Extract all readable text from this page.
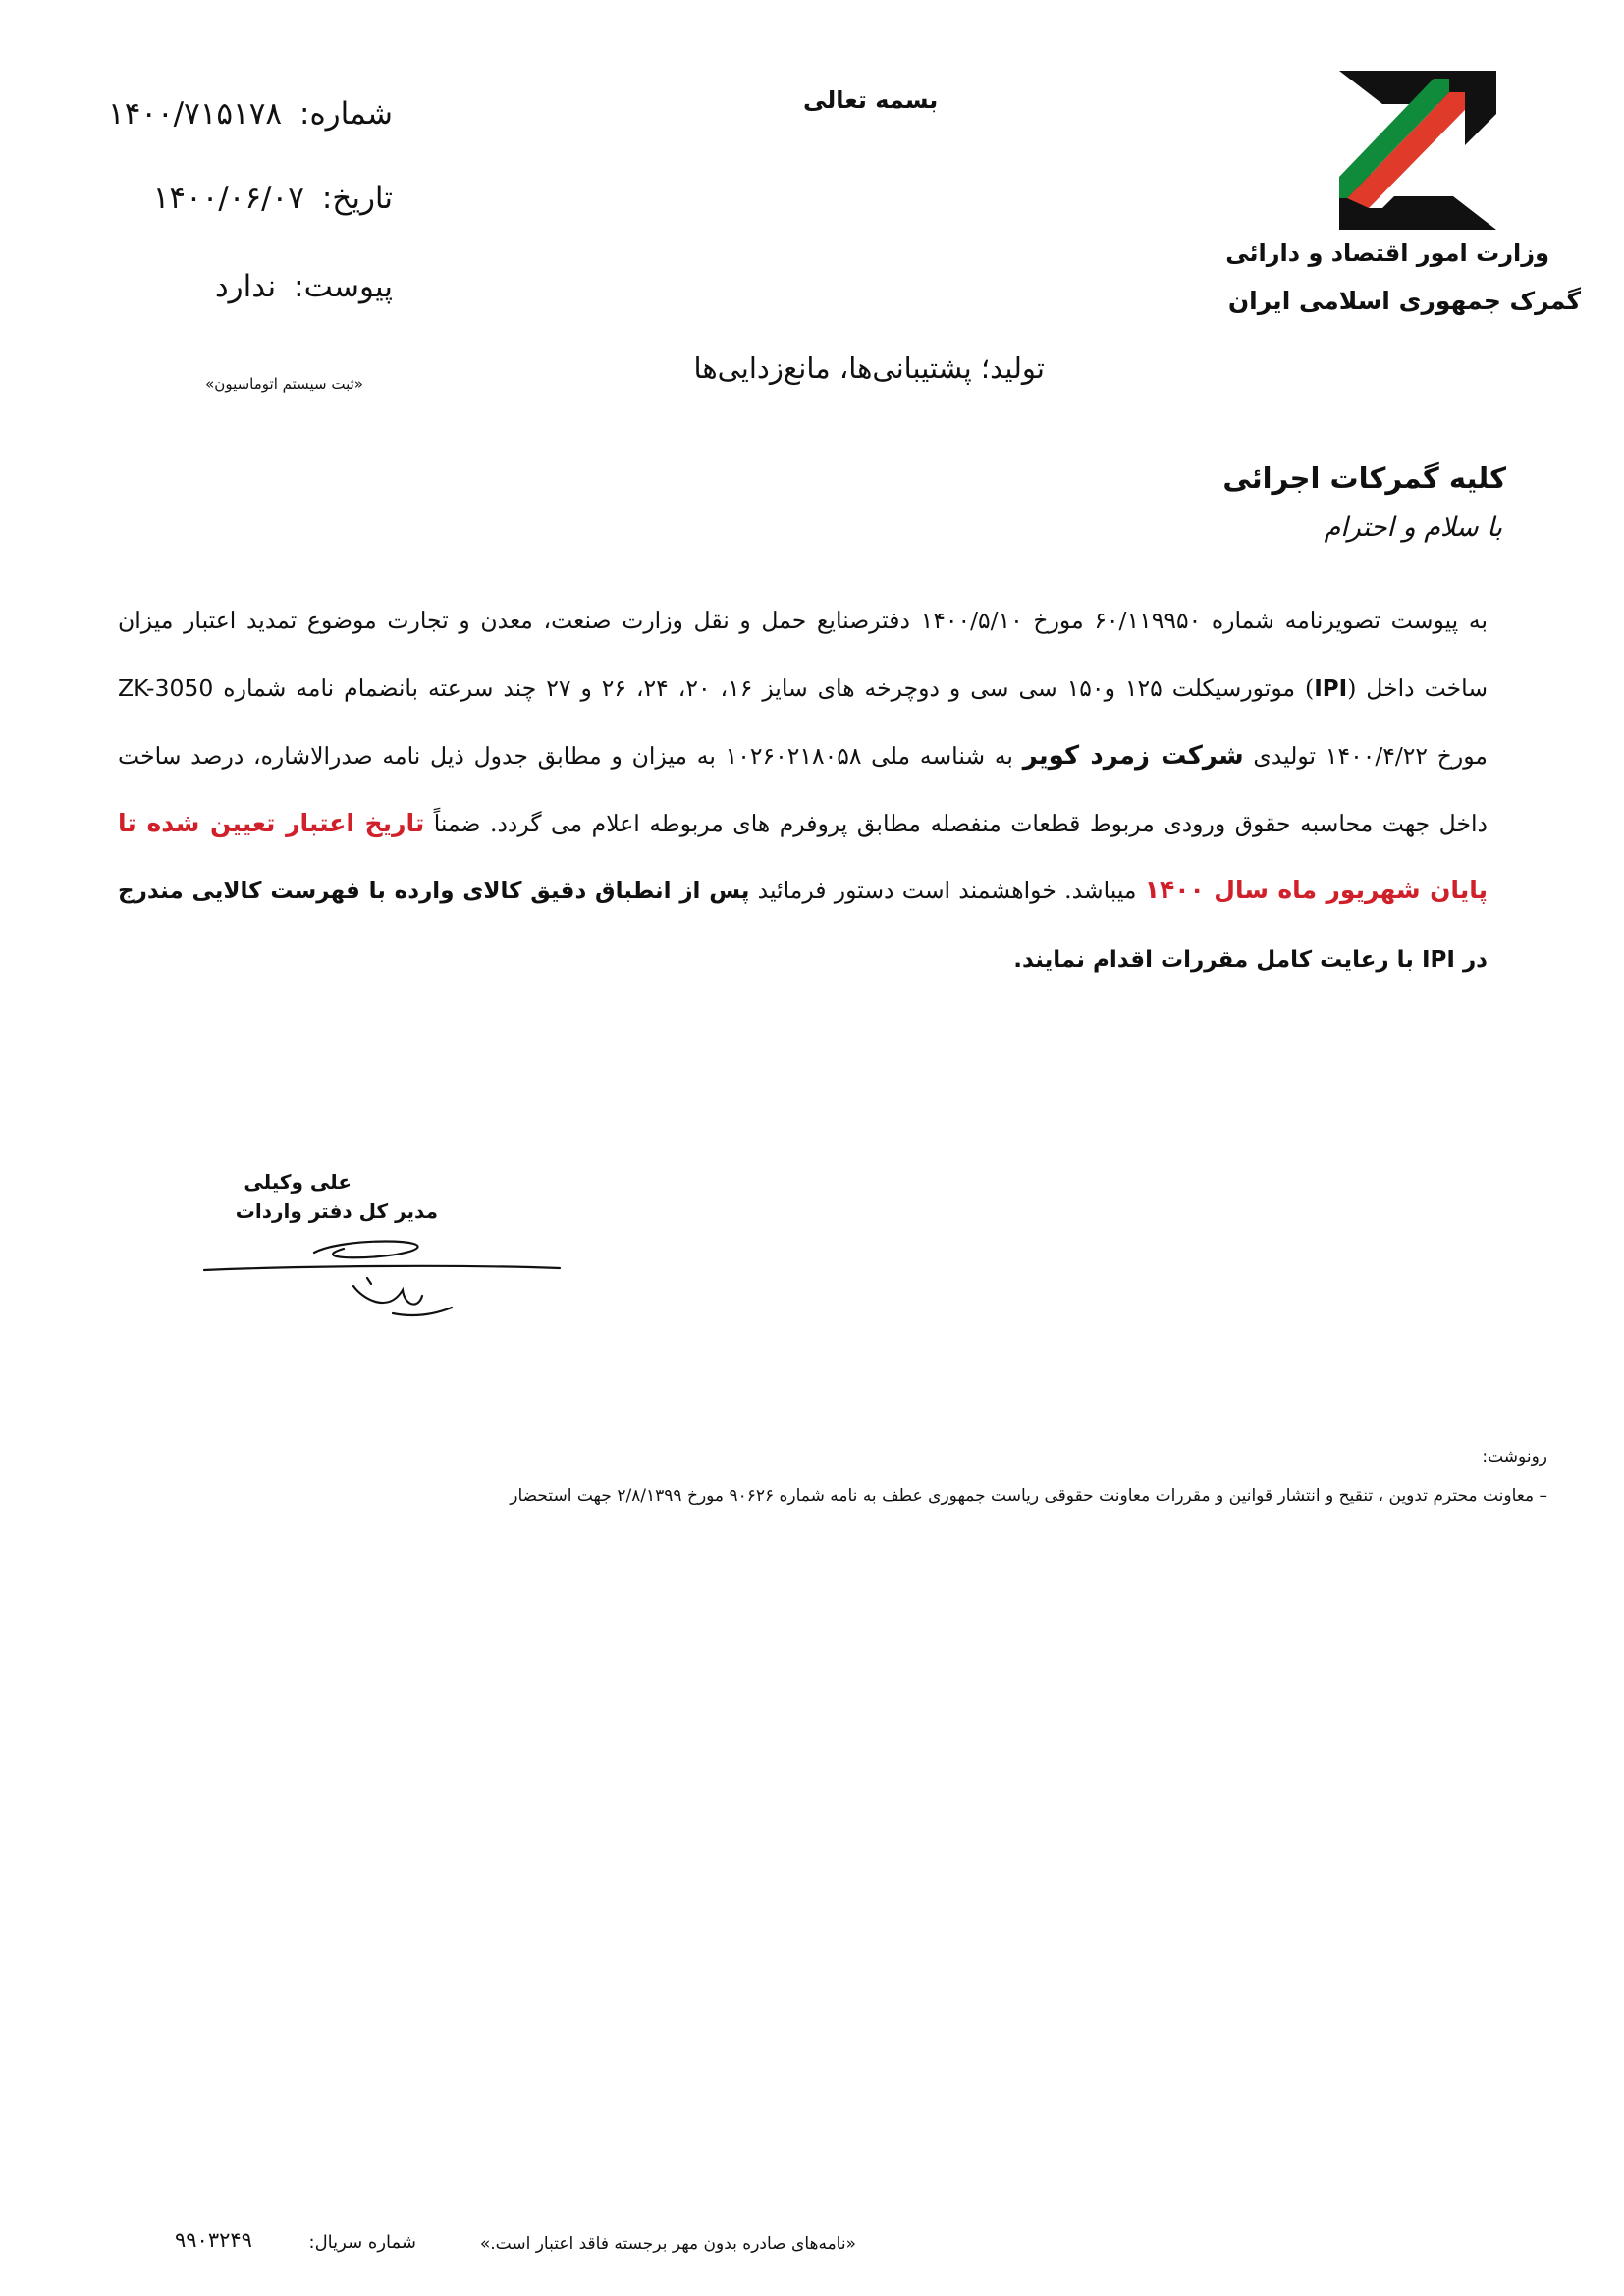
وزارت امور اقتصاد و دارائی
گمرک جمهوری اسلامی ایران
بسمه تعالی
شماره:۱۴۰۰/۷۱۵۱۷۸
تاریخ:۱۴۰۰/۰۶/۰۷
پیوست:ندارد
«ثبت سیستم اتوماسیون»	تولید؛ پشتیبانی‌ها، مانع‌زدایی‌ها
کلیه گمرکات اجرائی
با سلام و احترام
به پیوست تصویرنامه شماره ۶۰/۱۱۹۹۵۰ مورخ ۱۴۰۰/۵/۱۰ دفترصنایع حمل و نقل وزارت صنعت، معدن و تجارت موضوع تمدید اعتبار میزان ساخت داخل (IPI) موتورسیکلت ۱۲۵ و۱۵۰ سی سی و دوچرخه های سایز ۱۶، ۲۰، ۲۴، ۲۶ و ۲۷ چند سرعته بانضمام نامه شماره ZK-3050 مورخ ۱۴۰۰/۴/۲۲ تولیدی شرکت زمرد کویر به شناسه ملی ۱۰۲۶۰۲۱۸۰۵۸ به میزان و مطابق جدول ذیل نامه صدرالاشاره، درصد ساخت داخل جهت محاسبه حقوق ورودی مربوط قطعات منفصله مطابق پروفرم های مربوطه اعلام می گردد. ضمناً تاریخ اعتبار تعیین شده تا پایان شهریور ماه سال ۱۴۰۰ میباشد. خواهشمند است دستور فرمائید پس از انطباق دقیق کالای وارده با فهرست کالایی مندرج در IPI با رعایت کامل مقررات اقدام نمایند.
علی وکیلی
مدیر کل دفتر واردات
رونوشت:
– معاونت محترم تدوین ، تنقیح و انتشار قوانین و مقررات معاونت حقوقی ریاست جمهوری عطف به نامه شماره ۹۰۶۲۶ مورخ ۲/۸/۱۳۹۹ جهت استحضار
«نامه‌های صادره بدون مهر برجسته فاقد اعتبار است.»
شماره سریال:
۹۹۰۳۲۴۹
